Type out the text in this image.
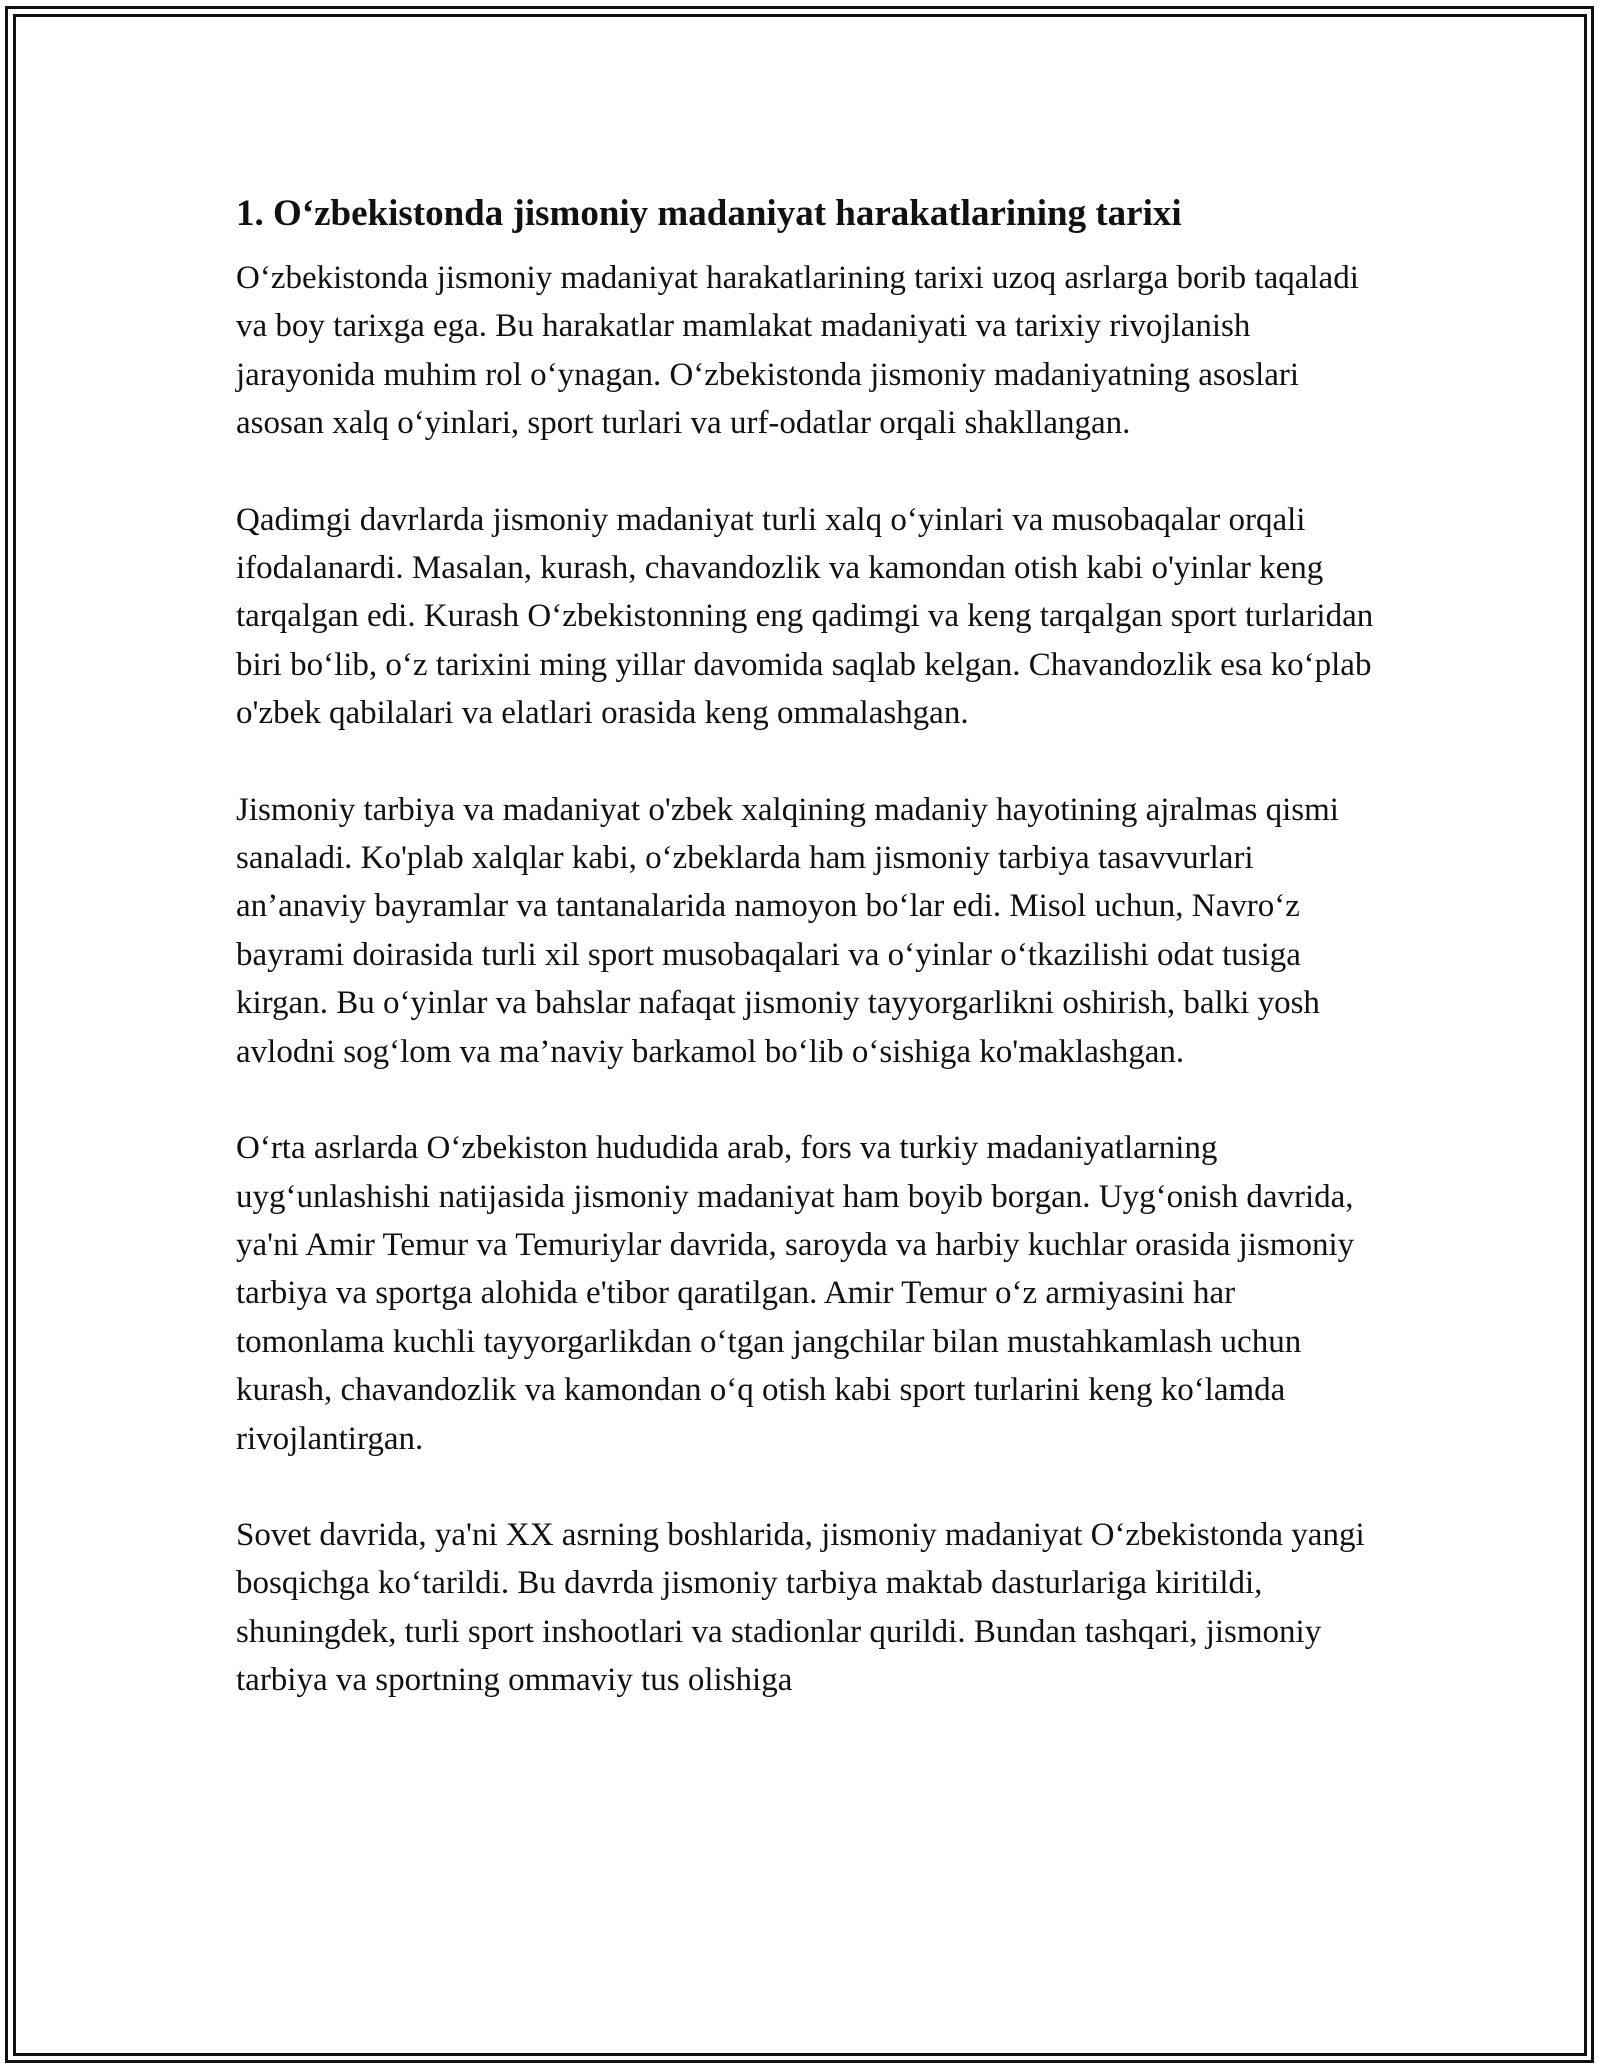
1. O‘zbekistonda jismoniy madaniyat harakatlarining tarixi

O‘zbekistonda jismoniy madaniyat harakatlarining tarixi uzoq asrlarga borib taqaladi va boy tarixga ega. Bu harakatlar mamlakat madaniyati va tarixiy rivojlanish jarayonida muhim rol o‘ynagan. O‘zbekistonda jismoniy madaniyatning asoslari asosan xalq o‘yinlari, sport turlari va urf-odatlar orqali shakllangan.

Qadimgi davrlarda jismoniy madaniyat turli xalq o‘yinlari va musobaqalar orqali ifodalanardi. Masalan, kurash, chavandozlik va kamondan otish kabi o'yinlar keng tarqalgan edi. Kurash O‘zbekistonning eng qadimgi va keng tarqalgan sport turlaridan biri bo‘lib, o‘z tarixini ming yillar davomida saqlab kelgan. Chavandozlik esa ko‘plab o'zbek qabilalari va elatlari orasida keng ommalashgan.

Jismoniy tarbiya va madaniyat o'zbek xalqining madaniy hayotining ajralmas qismi sanaladi. Ko'plab xalqlar kabi, o‘zbeklarda ham jismoniy tarbiya tasavvurlari an’anaviy bayramlar va tantanalarida namoyon bo‘lar edi. Misol uchun, Navro‘z bayrami doirasida turli xil sport musobaqalari va o‘yinlar o‘tkazilishi odat tusiga kirgan. Bu o‘yinlar va bahslar nafaqat jismoniy tayyorgarlikni oshirish, balki yosh avlodni sog‘lom va ma’naviy barkamol bo‘lib o‘sishiga ko'maklashgan.

O‘rta asrlarda O‘zbekiston hududida arab, fors va turkiy madaniyatlarning uyg‘unlashishi natijasida jismoniy madaniyat ham boyib borgan. Uyg‘onish davrida, ya'ni Amir Temur va Temuriylar davrida, saroyda va harbiy kuchlar orasida jismoniy tarbiya va sportga alohida e'tibor qaratilgan. Amir Temur o‘z armiyasini har tomonlama kuchli tayyorgarlikdan o‘tgan jangchilar bilan mustahkamlash uchun kurash, chavandozlik va kamondan o‘q otish kabi sport turlarini keng ko‘lamda rivojlantirgan.

Sovet davrida, ya'ni XX asrning boshlarida, jismoniy madaniyat O‘zbekistonda yangi bosqichga ko‘tarildi. Bu davrda jismoniy tarbiya maktab dasturlariga kiritildi, shuningdek, turli sport inshootlari va stadionlar qurildi. Bundan tashqari, jismoniy tarbiya va sportning ommaviy tus olishiga
